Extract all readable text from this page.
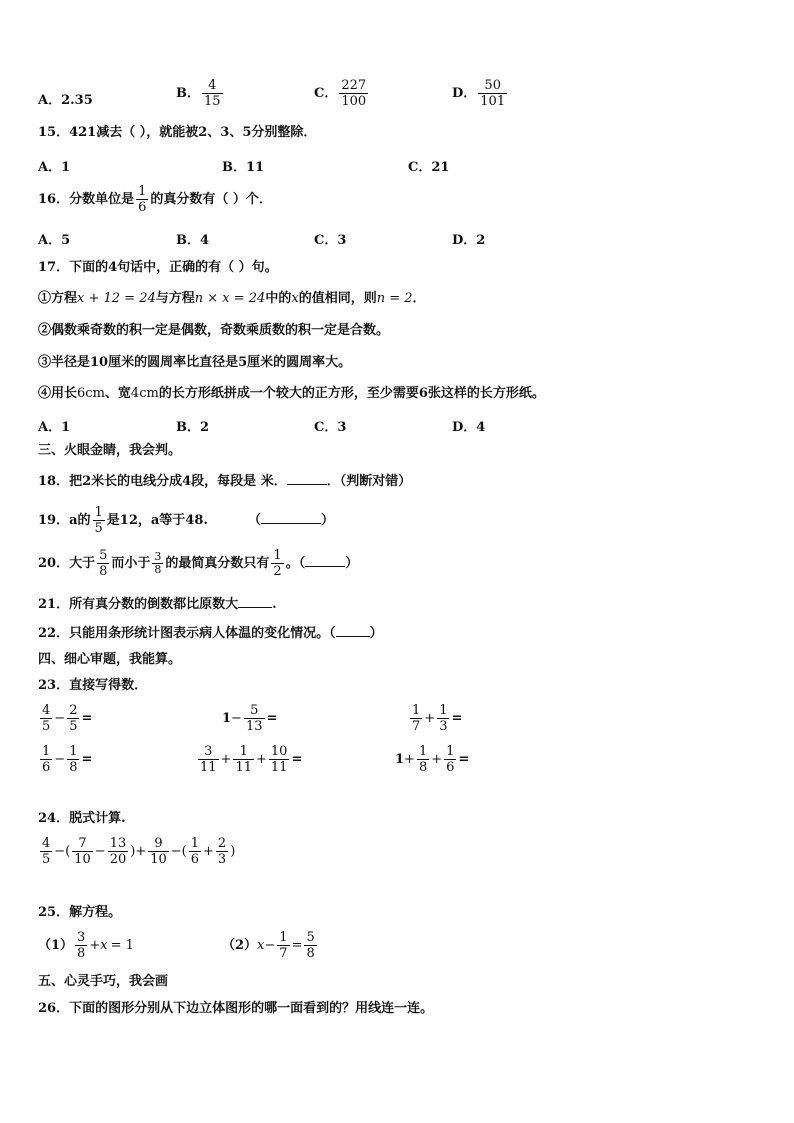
A．2.35	B． $\frac{4}{15}$	C． $\frac{227}{100}$	D． $\frac{50}{101}$
15．421减去（ ），就能被2、3、5分别整除．
A．1	B．11	C．21
16．分数单位是 $\frac{1}{6}$ 的真分数有（ ）个．
A．5	B．4	C．3	D．2
17．下面的4句话中，正确的有（ ）句。
①方程x + 12 = 24与方程n × x = 24中的x的值相同，则n = 2．
②偶数乘奇数的积一定是偶数，奇数乘质数的积一定是合数。
③半径是10厘米的圆周率比直径是5厘米的圆周率大。
④用长6cm、宽4cm的长方形纸拼成一个较大的正方形，至少需要6张这样的长方形纸。
A．1	B．2	C．3	D．4
三、火眼金睛，我会判。
18．把2米长的电线分成4段，每段是 米．	．（判断对错）
19．a的 $\frac{1}{5}$ 是12，a等于48.	（	）
20．大于 $\frac{5}{8}$ 而小于 $\frac{3}{8}$ 的最简真分数只有 $\frac{1}{2}$ 。（	）
21．所有真分数的倒数都比原数大	.
22．只能用条形统计图表示病人体温的变化情况。（	）
四、细心审题，我能算。
23．直接写得数．
$\frac{4}{5} - \frac{2}{5}$ =	$1- \frac{5}{13}$ =	$\frac{1}{7} + \frac{1}{3}$ =
$\frac{1}{6} - \frac{1}{8}$ =	$\frac{3}{11} + \frac{1}{11} + \frac{10}{11}$ =	$1+ \frac{1}{8} + \frac{1}{6}$ =
24．脱式计算.
$\frac{4}{5}$ −( $\frac{7}{10} - \frac{13}{20}$ )+ $\frac{9}{10}$ −( $\frac{1}{6} + \frac{2}{3}$ )
25．解方程。
$(1) \frac{3}{8} +x = 1$	$(2)x- \frac{1}{7} = \frac{5}{8}$
五、心灵手巧，我会画
26．下面的图形分别从下边立体图形的哪一面看到的？用线连一连。
